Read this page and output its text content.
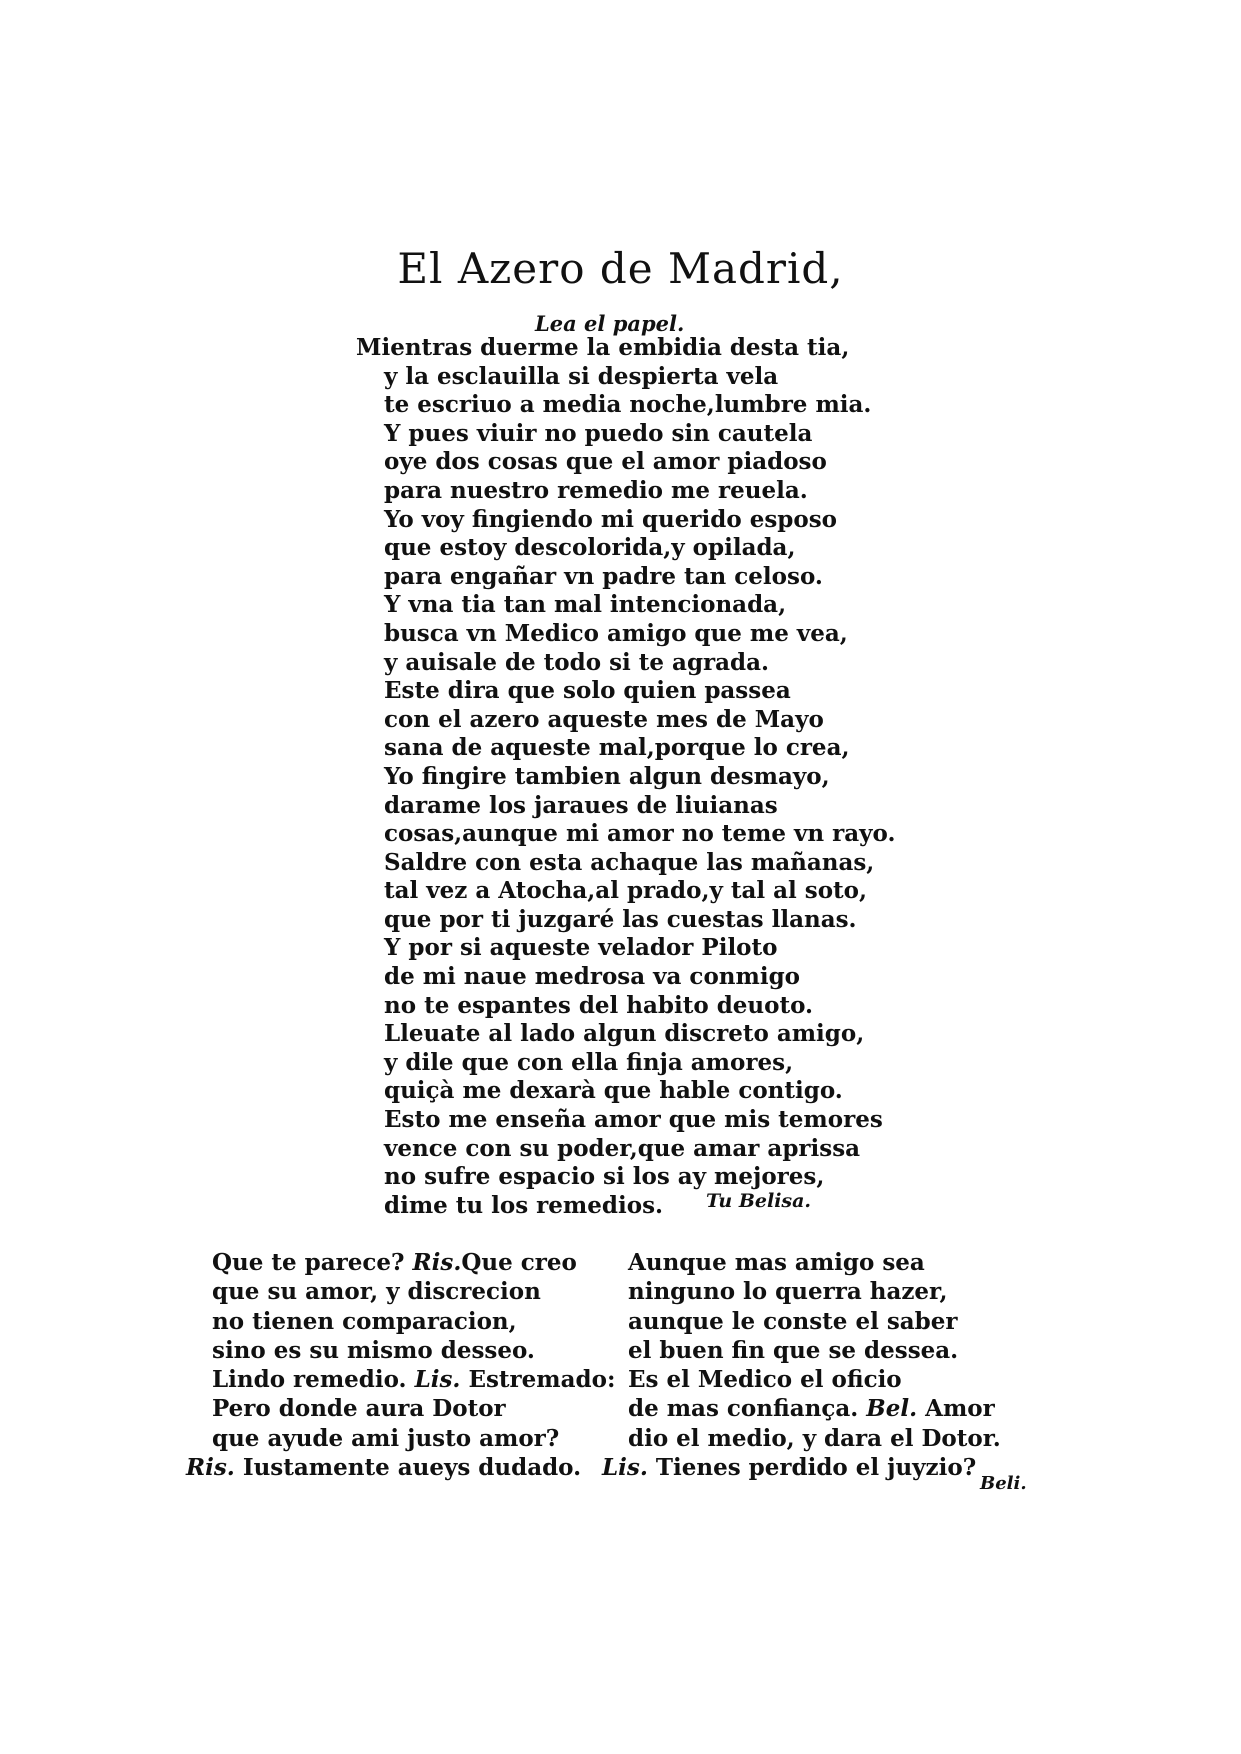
El Azero de Madrid,
Lea el papel.
Mientras duerme la embidia desta tia,
y la esclauilla si despierta vela
te escriuo a media noche,lumbre mia.
Y pues viuir no puedo sin cautela
oye dos cosas que el amor piadoso
para nuestro remedio me reuela.
Yo voy fingiendo mi querido esposo
que estoy descolorida,y opilada,
para engañar vn padre tan celoso.
Y vna tia tan mal intencionada,
busca vn Medico amigo que me vea,
y auisale de todo si te agrada.
Este dira que solo quien passea
con el azero aqueste mes de Mayo
sana de aqueste mal,porque lo crea,
Yo fingire tambien algun desmayo,
darame los jaraues de liuianas
cosas,aunque mi amor no teme vn rayo.
Saldre con esta achaque las mañanas,
tal vez a Atocha,al prado,y tal al soto,
que por ti juzgaré las cuestas llanas.
Y por si aqueste velador Piloto
de mi naue medrosa va conmigo
no te espantes del habito deuoto.
Lleuate al lado algun discreto amigo,
y dile que con ella finja amores,
quiçà me dexarà que hable contigo.
Esto me enseña amor que mis temores
vence con su poder,que amar aprissa
no sufre espacio si los ay mejores,
dime tu los remedios.	Tu Belisa.
Que te parece? Ris.Que creo
que su amor, y discrecion
no tienen comparacion,
sino es su mismo desseo.
Lindo remedio. Lis. Estremado:
Pero donde aura Dotor
que ayude ami justo amor?
Ris. Iustamente aueys dudado.
Aunque mas amigo sea
ninguno lo querra hazer,
aunque le conste el saber
el buen fin que se dessea.
Es el Medico el oficio
de mas confiança. Bel. Amor
dio el medio, y dara el Dotor.
Lis. Tienes perdido el juyzio?
Beli.
